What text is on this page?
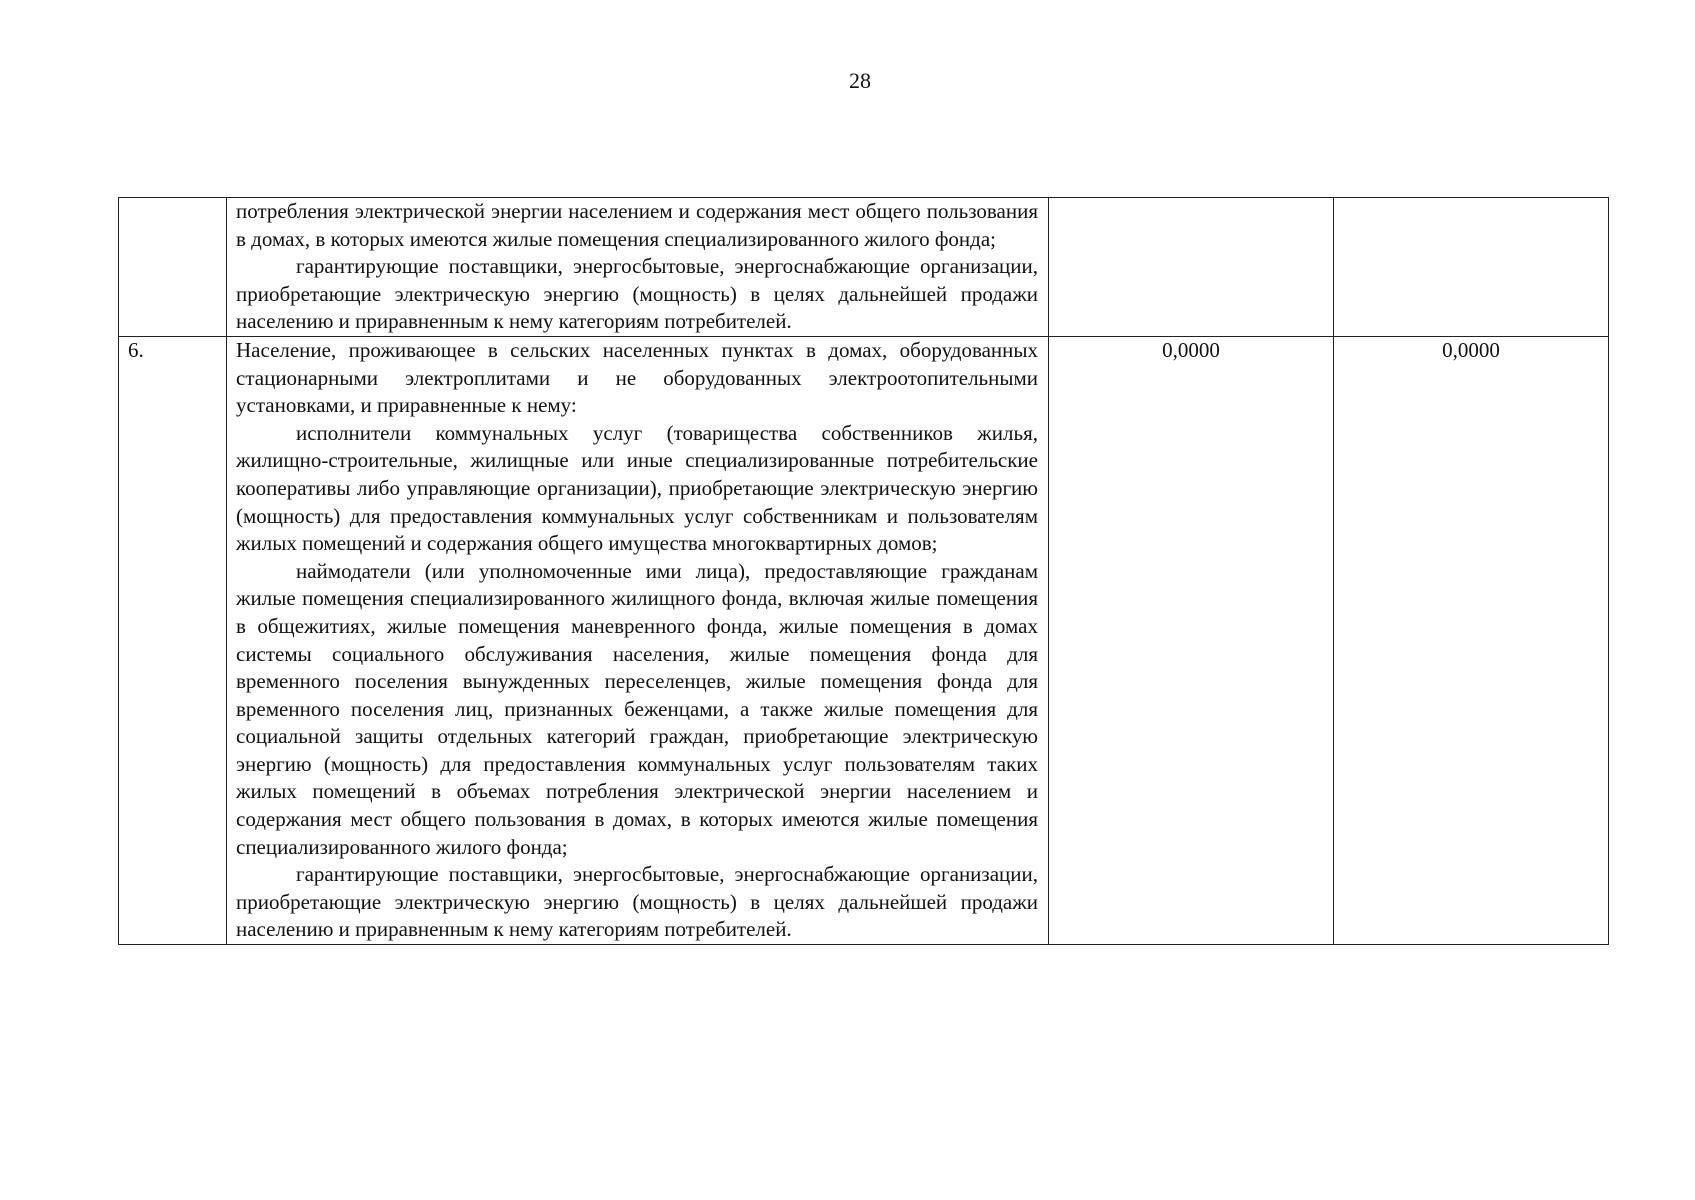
28

	потребления электрической энергии населением и содержания мест общего пользования в домах, в которых имеются жилые помещения специализированного жилого фонда;

гарантирующие поставщики, энергосбытовые, энергоснабжающие организации, приобретающие электрическую энергию (мощность) в целях дальнейшей продажи населению и приравненным к нему категориям потребителей.		

6.	Население, проживающее в сельских населенных пунктах в домах, оборудованных стационарными электроплитами и не оборудованных электроотопительными установками, и приравненные к нему:

исполнители коммунальных услуг (товарищества собственников жилья, жилищно-строительные, жилищные или иные специализированные потребительские кооперативы либо управляющие организации), приобретающие электрическую энергию (мощность) для предоставления коммунальных услуг собственникам и пользователям жилых помещений и содержания общего имущества многоквартирных домов;

наймодатели (или уполномоченные ими лица), предоставляющие гражданам жилые помещения специализированного жилищного фонда, включая жилые помещения в общежитиях, жилые помещения маневренного фонда, жилые помещения в домах системы социального обслуживания населения, жилые помещения фонда для временного поселения вынужденных переселенцев, жилые помещения фонда для временного поселения лиц, признанных беженцами, а также жилые помещения для социальной защиты отдельных категорий граждан, приобретающие электрическую энергию (мощность) для предоставления коммунальных услуг пользователям таких жилых помещений в объемах потребления электрической энергии населением и содержания мест общего пользования в домах, в которых имеются жилые помещения специализированного жилого фонда;

гарантирующие поставщики, энергосбытовые, энергоснабжающие организации, приобретающие электрическую энергию (мощность) в целях дальнейшей продажи населению и приравненным к нему категориям потребителей.	0,0000	0,0000
